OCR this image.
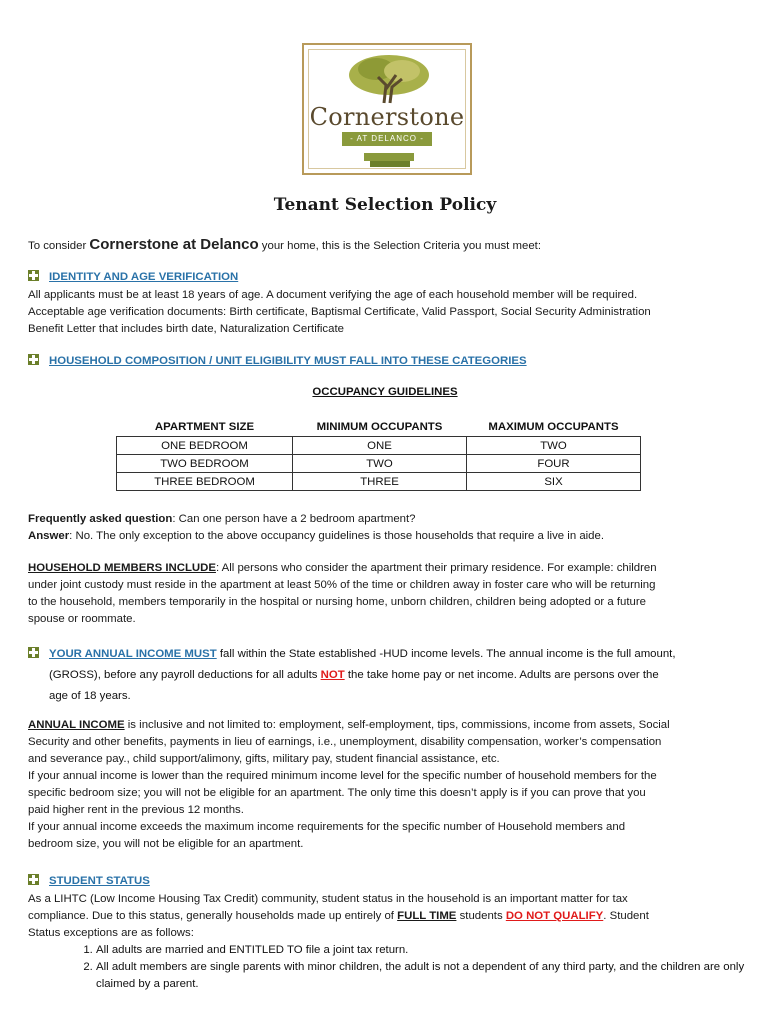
Cornerstone
- AT DELANCO -
Tenant Selection Policy
To consider Cornerstone at Delanco your home, this is the Selection Criteria you must meet:
IDENTITY AND AGE VERIFICATION
All applicants must be at least 18 years of age. A document verifying the age of each household member will be required.
Acceptable age verification documents: Birth certificate, Baptismal Certificate, Valid Passport, Social Security Administration
Benefit Letter that includes birth date, Naturalization Certificate
HOUSEHOLD COMPOSITION / UNIT ELIGIBILITY MUST FALL INTO THESE CATEGORIES
OCCUPANCY GUIDELINES
APARTMENT SIZE	MINIMUM OCCUPANTS	MAXIMUM OCCUPANTS
ONE BEDROOM	ONE	TWO
TWO BEDROOM	TWO	FOUR
THREE BEDROOM	THREE	SIX
Frequently asked question: Can one person have a 2 bedroom apartment?
Answer: No. The only exception to the above occupancy guidelines is those households that require a live in aide.
HOUSEHOLD MEMBERS INCLUDE: All persons who consider the apartment their primary residence. For example: children
under joint custody must reside in the apartment at least 50% of the time or children away in foster care who will be returning
to the household, members temporarily in the hospital or nursing home, unborn children, children being adopted or a future
spouse or roommate.
YOUR ANNUAL INCOME MUST fall within the State established -HUD income levels. The annual income is the full amount,
(GROSS), before any payroll deductions for all adults NOT the take home pay or net income. Adults are persons over the
age of 18 years.
ANNUAL INCOME is inclusive and not limited to: employment, self-employment, tips, commissions, income from assets, Social
Security and other benefits, payments in lieu of earnings, i.e., unemployment, disability compensation, worker’s compensation
and severance pay., child support/alimony, gifts, military pay, student financial assistance, etc.
If your annual income is lower than the required minimum income level for the specific number of household members for the
specific bedroom size; you will not be eligible for an apartment. The only time this doesn’t apply is if you can prove that you
paid higher rent in the previous 12 months.
If your annual income exceeds the maximum income requirements for the specific number of Household members and
bedroom size, you will not be eligible for an apartment.
STUDENT STATUS
As a LIHTC (Low Income Housing Tax Credit) community, student status in the household is an important matter for tax
compliance. Due to this status, generally households made up entirely of FULL TIME students DO NOT QUALIFY. Student
Status exceptions are as follows:
1. All adults are married and ENTITLED TO file a joint tax return.
2. All adult members are single parents with minor children, the adult is not a dependent of any third party, and the children are only claimed by a parent.
